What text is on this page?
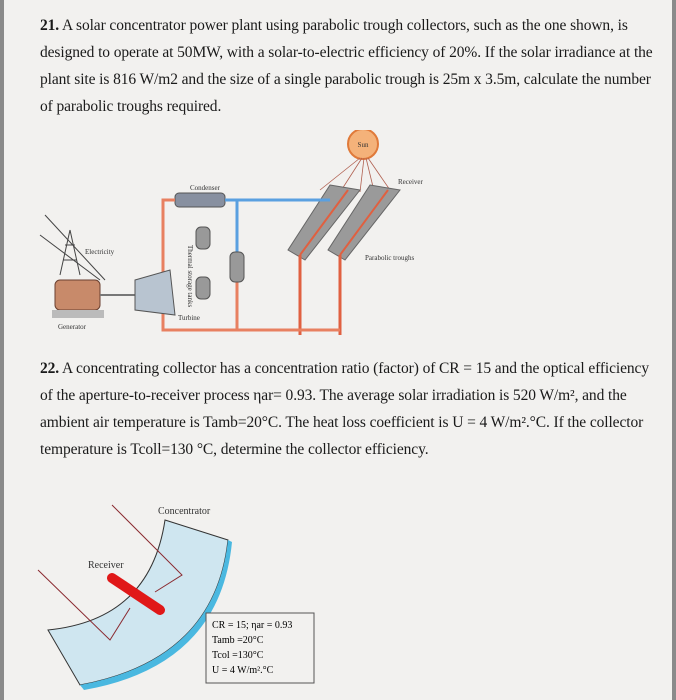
21. A solar concentrator power plant using parabolic trough collectors, such as the one shown, is designed to operate at 50MW, with a solar-to-electric efficiency of 20%. If the solar irradiance at the plant site is 816 W/m2 and the size of a single parabolic trough is 25m x 3.5m, calculate the number of parabolic troughs required.
Sun
Receiver
Parabolic troughs
Condenser
Thermal storage tanks
Electricity
Generator
Turbine
22. A concentrating collector has a concentration ratio (factor) of CR = 15 and the optical efficiency of the aperture-to-receiver process ηar= 0.93. The average solar irradiation is 520 W/m², and the ambient air temperature is Tamb=20°C. The heat loss coefficient is U = 4 W/m².°C. If the collector temperature is Tcoll=130 °C, determine the collector efficiency.
Concentrator
Receiver
CR = 15; ηar = 0.93
Tamb =20°C
Tcol =130°C
U = 4 W/m².°C
